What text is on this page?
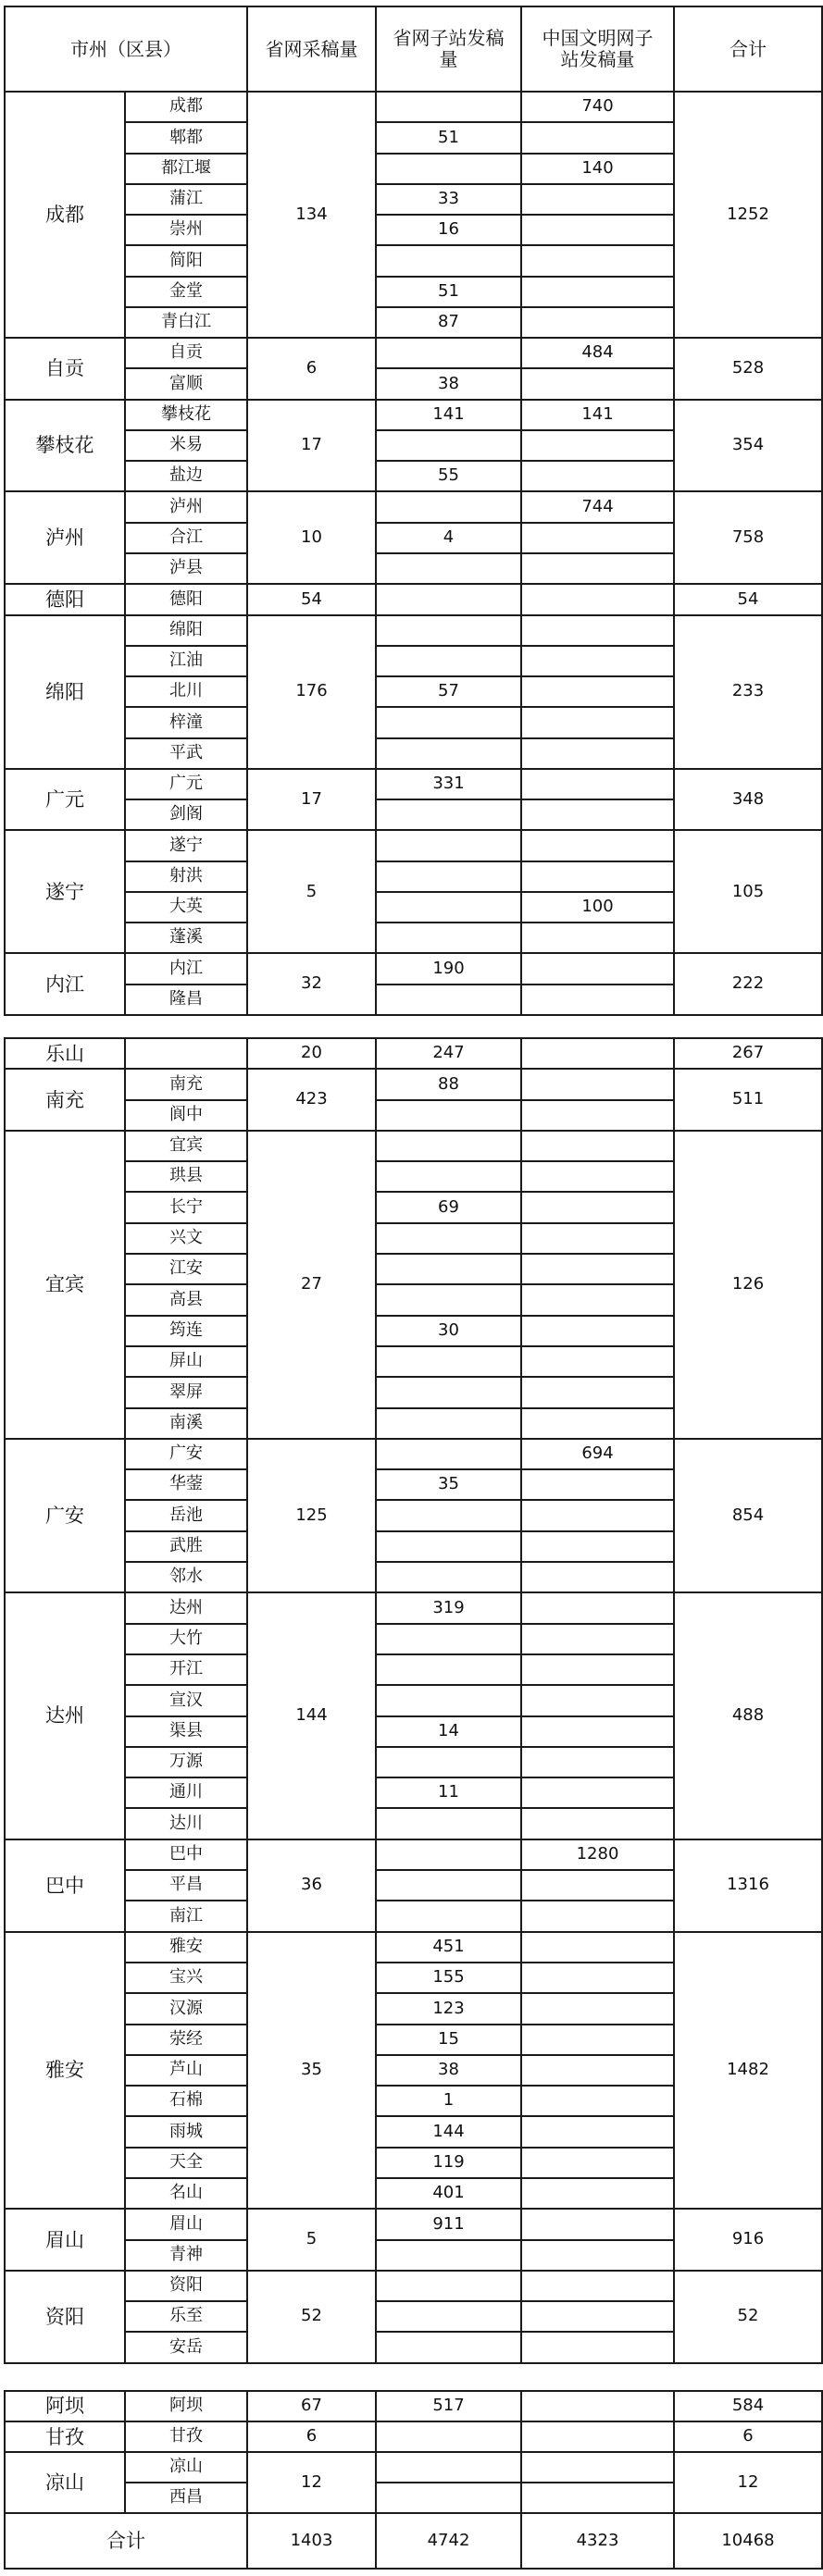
市州（区县）		省网采稿量	省网子站发稿量	中国文明网子站发稿量	合计
成都	成都	134		740	1252
	郫都		51		
	都江堰			140	
	蒲江		33		
	崇州		16		
	简阳				
	金堂		51		
	青白江		87		
自贡	自贡	6		484	528
	富顺		38		
攀枝花	攀枝花	17	141	141	354
	米易				
	盐边		55		
泸州	泸州	10		744	758
	合江		4		
	泸县				
德阳	德阳	54			54
绵阳	绵阳	176			233
	江油				
	北川		57		
	梓潼				
	平武				
广元	广元	17	331		348
	剑阁				
遂宁	遂宁	5			105
	射洪				
	大英			100	
	蓬溪				
内江	内江	32	190		222
	隆昌				
乐山		20	247		267
南充	南充	423	88		511
	阆中				
宜宾	宜宾	27			126
	珙县				
	长宁		69		
	兴文				
	江安				
	高县				
	筠连		30		
	屏山				
	翠屏				
	南溪				
广安	广安	125		694	854
	华蓥		35		
	岳池				
	武胜				
	邻水				
达州	达州	144	319		488
	大竹				
	开江				
	宣汉				
	渠县		14		
	万源				
	通川		11		
	达川				
巴中	巴中	36		1280	1316
	平昌				
	南江				
雅安	雅安	35	451		1482
	宝兴		155		
	汉源		123		
	荥经		15		
	芦山		38		
	石棉		1		
	雨城		144		
	天全		119		
	名山		401		
眉山	眉山	5	911		916
	青神				
资阳	资阳	52			52
	乐至				
	安岳				
阿坝	阿坝	67	517		584
甘孜	甘孜	6			6
凉山	凉山	12			12
	西昌				
合计		1403	4742	4323	10468
